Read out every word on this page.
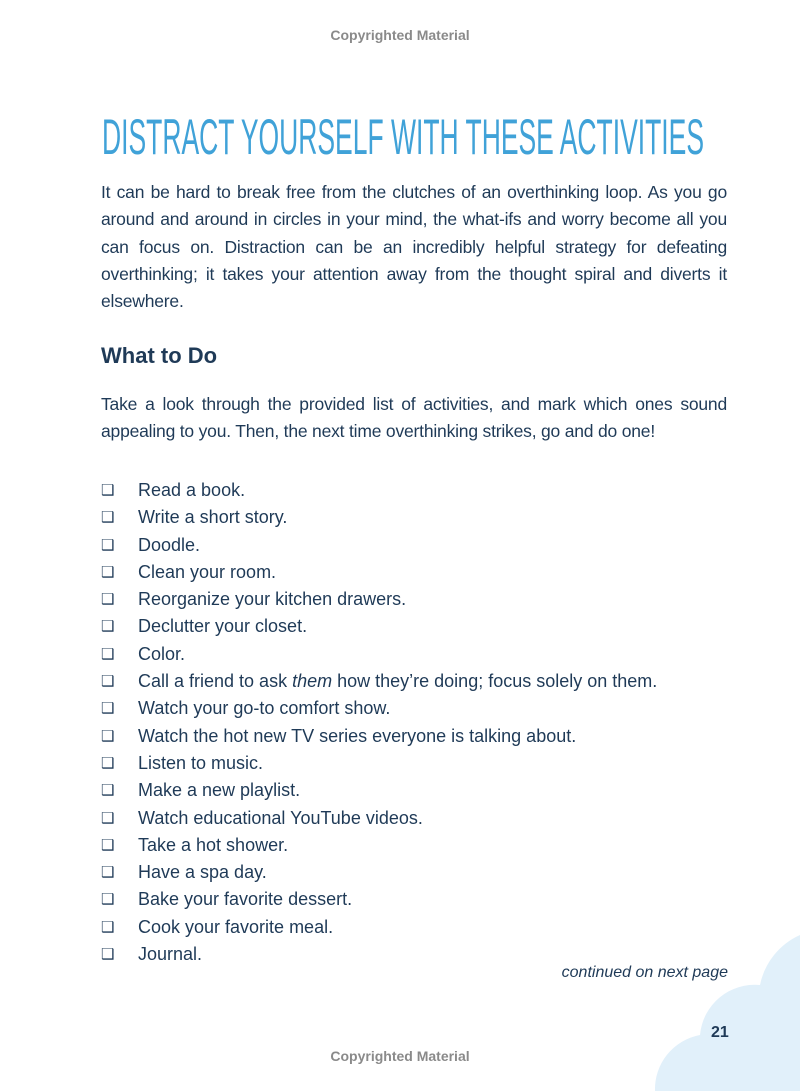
Copyrighted Material
DISTRACT YOURSELF WITH THESE ACTIVITIES

It can be hard to break free from the clutches of an overthinking loop. As you go around and around in circles in your mind, the what-ifs and worry become all you can focus on. Distraction can be an incredibly helpful strategy for defeating overthinking; it takes your attention away from the thought spiral and diverts it elsewhere.

What to Do

Take a look through the provided list of activities, and mark which ones sound appealing to you. Then, the next time overthinking strikes, go and do one!

❑	Read a book.
❑	Write a short story.
❑	Doodle.
❑	Clean your room.
❑	Reorganize your kitchen drawers.
❑	Declutter your closet.
❑	Color.
❑	Call a friend to ask them how they’re doing; focus solely on them.
❑	Watch your go-to comfort show.
❑	Watch the hot new TV series everyone is talking about.
❑	Listen to music.
❑	Make a new playlist.
❑	Watch educational YouTube videos.
❑	Take a hot shower.
❑	Have a spa day.
❑	Bake your favorite dessert.
❑	Cook your favorite meal.
❑	Journal.
continued on next page
21
Copyrighted Material
